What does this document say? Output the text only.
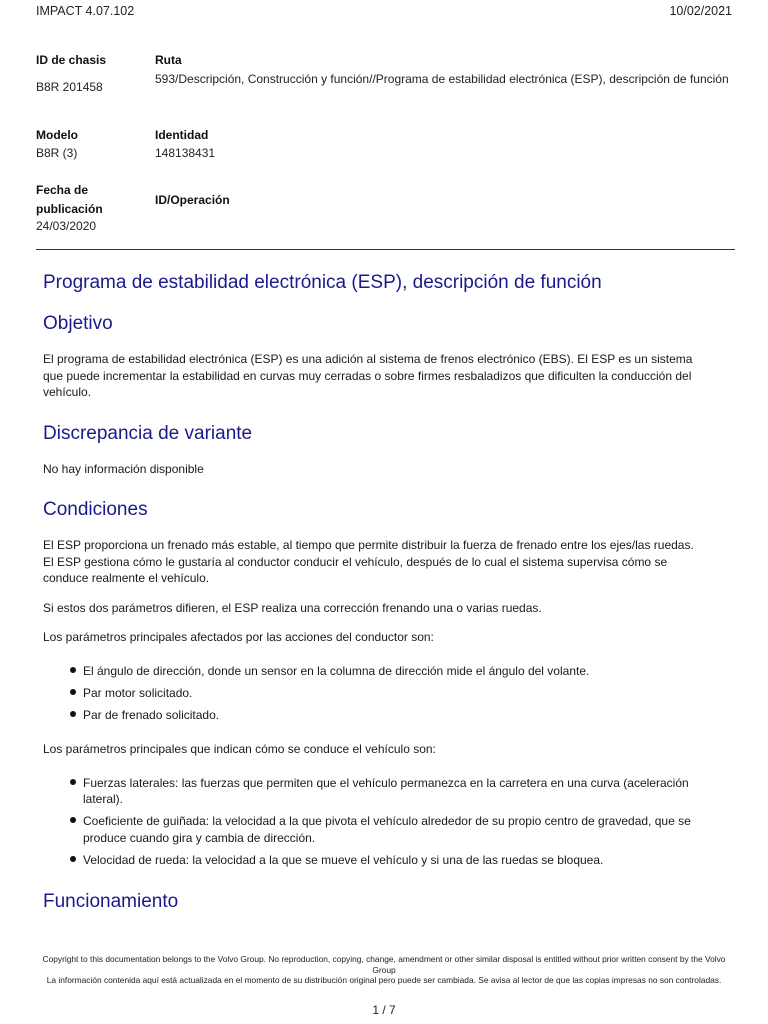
IMPACT 4.07.102	10/02/2021
ID de chasis
B8R 201458
Ruta
593/Descripción, Construcción y función//Programa de estabilidad electrónica (ESP), descripción de función
Modelo
B8R (3)
Identidad
148138431
Fecha de
publicación
24/03/2020
ID/Operación
Programa de estabilidad electrónica (ESP), descripción de función
Objetivo

El programa de estabilidad electrónica (ESP) es una adición al sistema de frenos electrónico (EBS). El ESP es un sistema que puede incrementar la estabilidad en curvas muy cerradas o sobre firmes resbaladizos que dificulten la conducción del vehículo.

Discrepancia de variante

No hay información disponible

Condiciones

El ESP proporciona un frenado más estable, al tiempo que permite distribuir la fuerza de frenado entre los ejes/las ruedas. El ESP gestiona cómo le gustaría al conductor conducir el vehículo, después de lo cual el sistema supervisa cómo se conduce realmente el vehículo.

Si estos dos parámetros difieren, el ESP realiza una corrección frenando una o varias ruedas.

Los parámetros principales afectados por las acciones del conductor son:

El ángulo de dirección, donde un sensor en la columna de dirección mide el ángulo del volante.
Par motor solicitado.
Par de frenado solicitado.

Los parámetros principales que indican cómo se conduce el vehículo son:

Fuerzas laterales: las fuerzas que permiten que el vehículo permanezca en la carretera en una curva (aceleración lateral).
Coeficiente de guiñada: la velocidad a la que pivota el vehículo alrededor de su propio centro de gravedad, que se produce cuando gira y cambia de dirección.
Velocidad de rueda: la velocidad a la que se mueve el vehículo y si una de las ruedas se bloquea.
Funcionamiento
Copyright to this documentation belongs to the Volvo Group. No reproduction, copying, change, amendment or other similar disposal is entitled without prior written consent by the Volvo Group
La información contenida aquí está actualizada en el momento de su distribución original pero puede ser cambiada. Se avisa al lector de que las copias impresas no son controladas.
1 / 7
